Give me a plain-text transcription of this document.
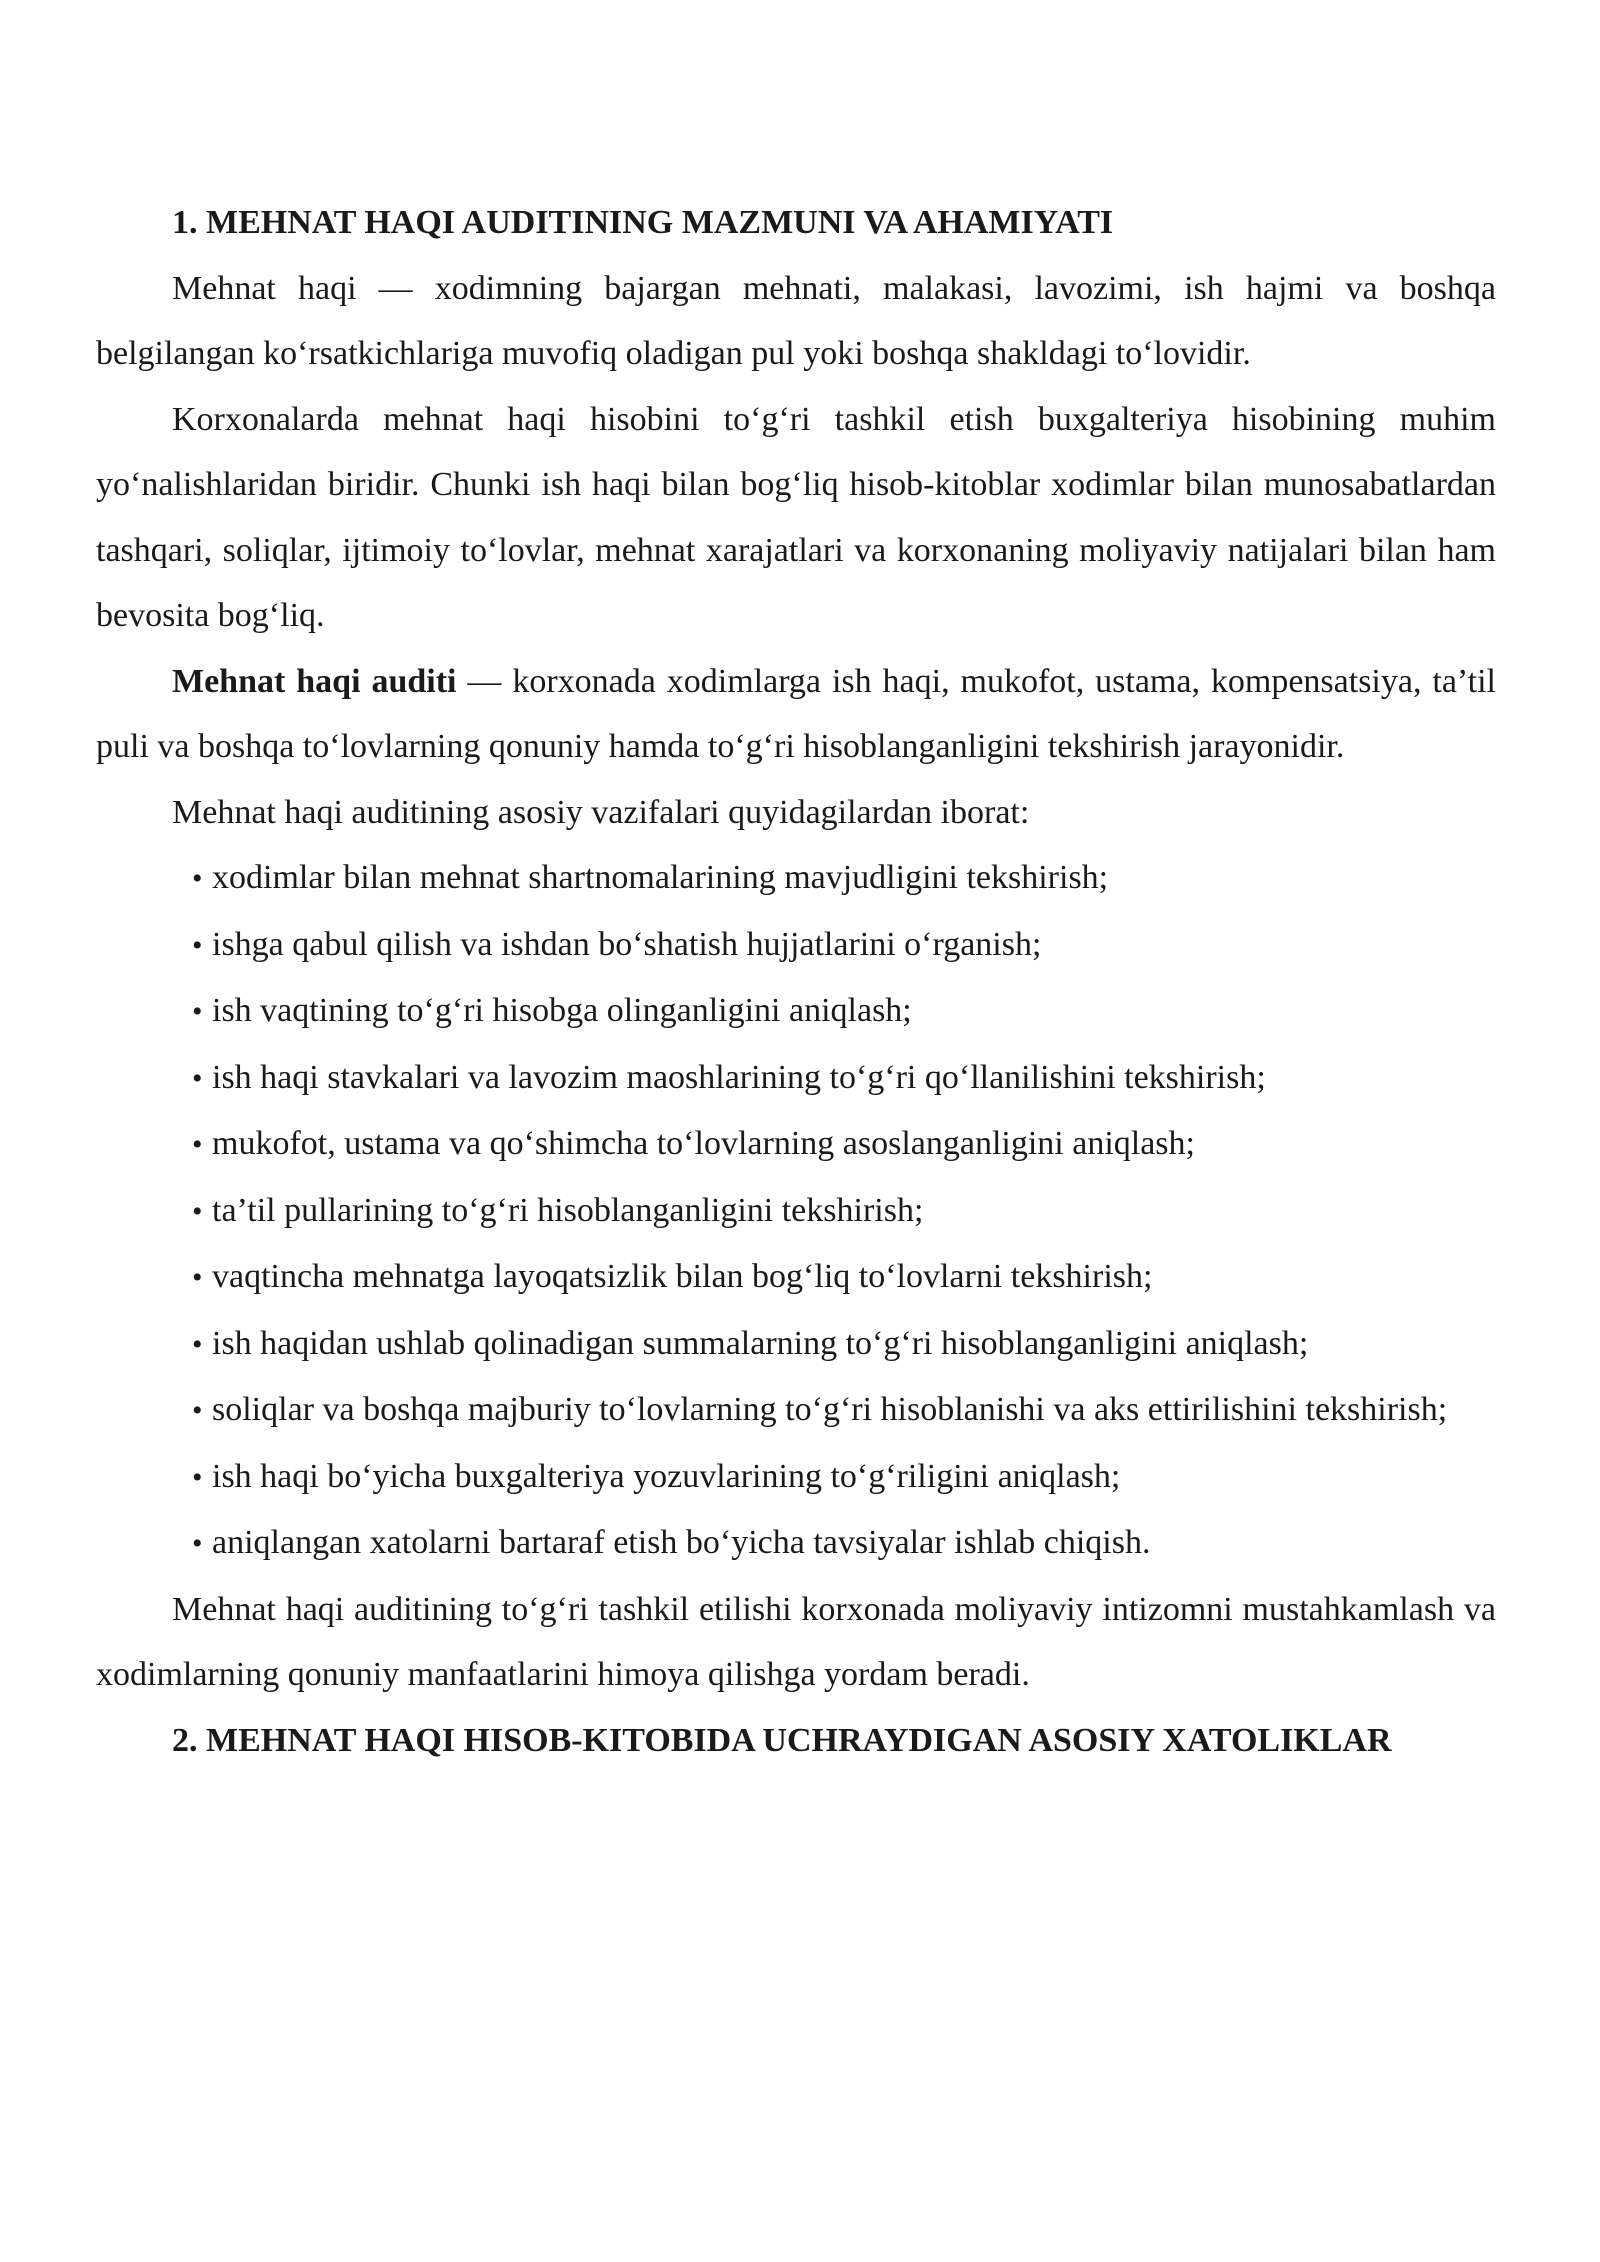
1. MEHNAT HAQI AUDITINING MAZMUNI VA AHAMIYATI

Mehnat haqi — xodimning bajargan mehnati, malakasi, lavozimi, ish hajmi va boshqa belgilangan koʻrsatkichlariga muvofiq oladigan pul yoki boshqa shakldagi toʻlovidir.

Korxonalarda mehnat haqi hisobini toʻgʻri tashkil etish buxgalteriya hisobining muhim yoʻnalishlaridan biridir. Chunki ish haqi bilan bogʻliq hisob-kitoblar xodimlar bilan munosabatlardan tashqari, soliqlar, ijtimoiy toʻlovlar, mehnat xarajatlari va korxonaning moliyaviy natijalari bilan ham bevosita bogʻliq.

Mehnat haqi auditi — korxonada xodimlarga ish haqi, mukofot, ustama, kompensatsiya, ta’til puli va boshqa toʻlovlarning qonuniy hamda toʻgʻri hisoblanganligini tekshirish jarayonidir.

Mehnat haqi auditining asosiy vazifalari quyidagilardan iborat:

• xodimlar bilan mehnat shartnomalarining mavjudligini tekshirish;
• ishga qabul qilish va ishdan boʻshatish hujjatlarini oʻrganish;
• ish vaqtining toʻgʻri hisobga olinganligini aniqlash;
• ish haqi stavkalari va lavozim maoshlarining toʻgʻri qoʻllanilishini tekshirish;
• mukofot, ustama va qoʻshimcha toʻlovlarning asoslanganligini aniqlash;
• ta’til pullarining toʻgʻri hisoblanganligini tekshirish;
• vaqtincha mehnatga layoqatsizlik bilan bogʻliq toʻlovlarni tekshirish;
• ish haqidan ushlab qolinadigan summalarning toʻgʻri hisoblanganligini aniqlash;
• soliqlar va boshqa majburiy toʻlovlarning toʻgʻri hisoblanishi va aks ettirilishini tekshirish;
• ish haqi boʻyicha buxgalteriya yozuvlarining toʻgʻriligini aniqlash;
• aniqlangan xatolarni bartaraf etish boʻyicha tavsiyalar ishlab chiqish.

Mehnat haqi auditining toʻgʻri tashkil etilishi korxonada moliyaviy intizomni mustahkamlash va xodimlarning qonuniy manfaatlarini himoya qilishga yordam beradi.

2. MEHNAT HAQI HISOB-KITOBIDA UCHRAYDIGAN ASOSIY XATOLIKLAR
